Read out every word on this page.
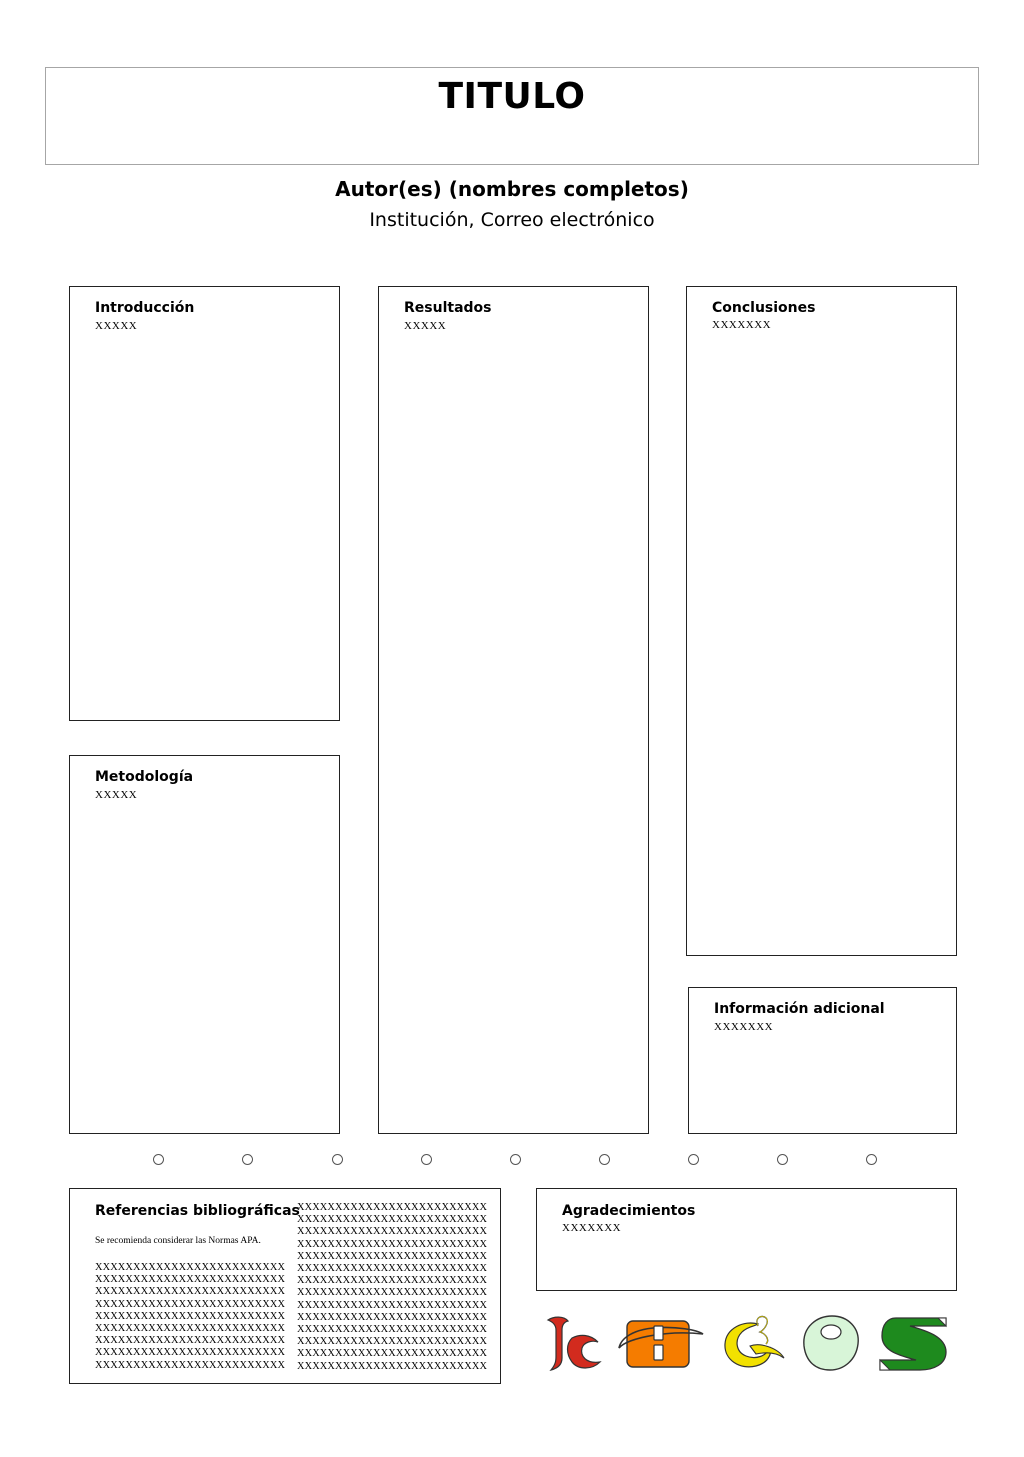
TITULO
Autor(es) (nombres completos)
Institución, Correo electrónico
Introducción
XXXXX
Resultados
XXXXX
Conclusiones
XXXXXXX
Metodología
XXXXX
Información adicional
XXXXXXX
Referencias bibliográficas
Se recomienda considerar las Normas APA.
XXXXXXXXXXXXXXXXXXXXXXXXX
XXXXXXXXXXXXXXXXXXXXXXXXX
XXXXXXXXXXXXXXXXXXXXXXXXX
XXXXXXXXXXXXXXXXXXXXXXXXX
XXXXXXXXXXXXXXXXXXXXXXXXX
XXXXXXXXXXXXXXXXXXXXXXXXX
XXXXXXXXXXXXXXXXXXXXXXXXX
XXXXXXXXXXXXXXXXXXXXXXXXX
XXXXXXXXXXXXXXXXXXXXXXXXX
XXXXXXXXXXXXXXXXXXXXXXXXX
XXXXXXXXXXXXXXXXXXXXXXXXX
XXXXXXXXXXXXXXXXXXXXXXXXX
XXXXXXXXXXXXXXXXXXXXXXXXX
XXXXXXXXXXXXXXXXXXXXXXXXX
XXXXXXXXXXXXXXXXXXXXXXXXX
XXXXXXXXXXXXXXXXXXXXXXXXX
XXXXXXXXXXXXXXXXXXXXXXXXX
XXXXXXXXXXXXXXXXXXXXXXXXX
XXXXXXXXXXXXXXXXXXXXXXXXX
XXXXXXXXXXXXXXXXXXXXXXXXX
XXXXXXXXXXXXXXXXXXXXXXXXX
XXXXXXXXXXXXXXXXXXXXXXXXX
XXXXXXXXXXXXXXXXXXXXXXXXX
Agradecimientos
XXXXXXX
